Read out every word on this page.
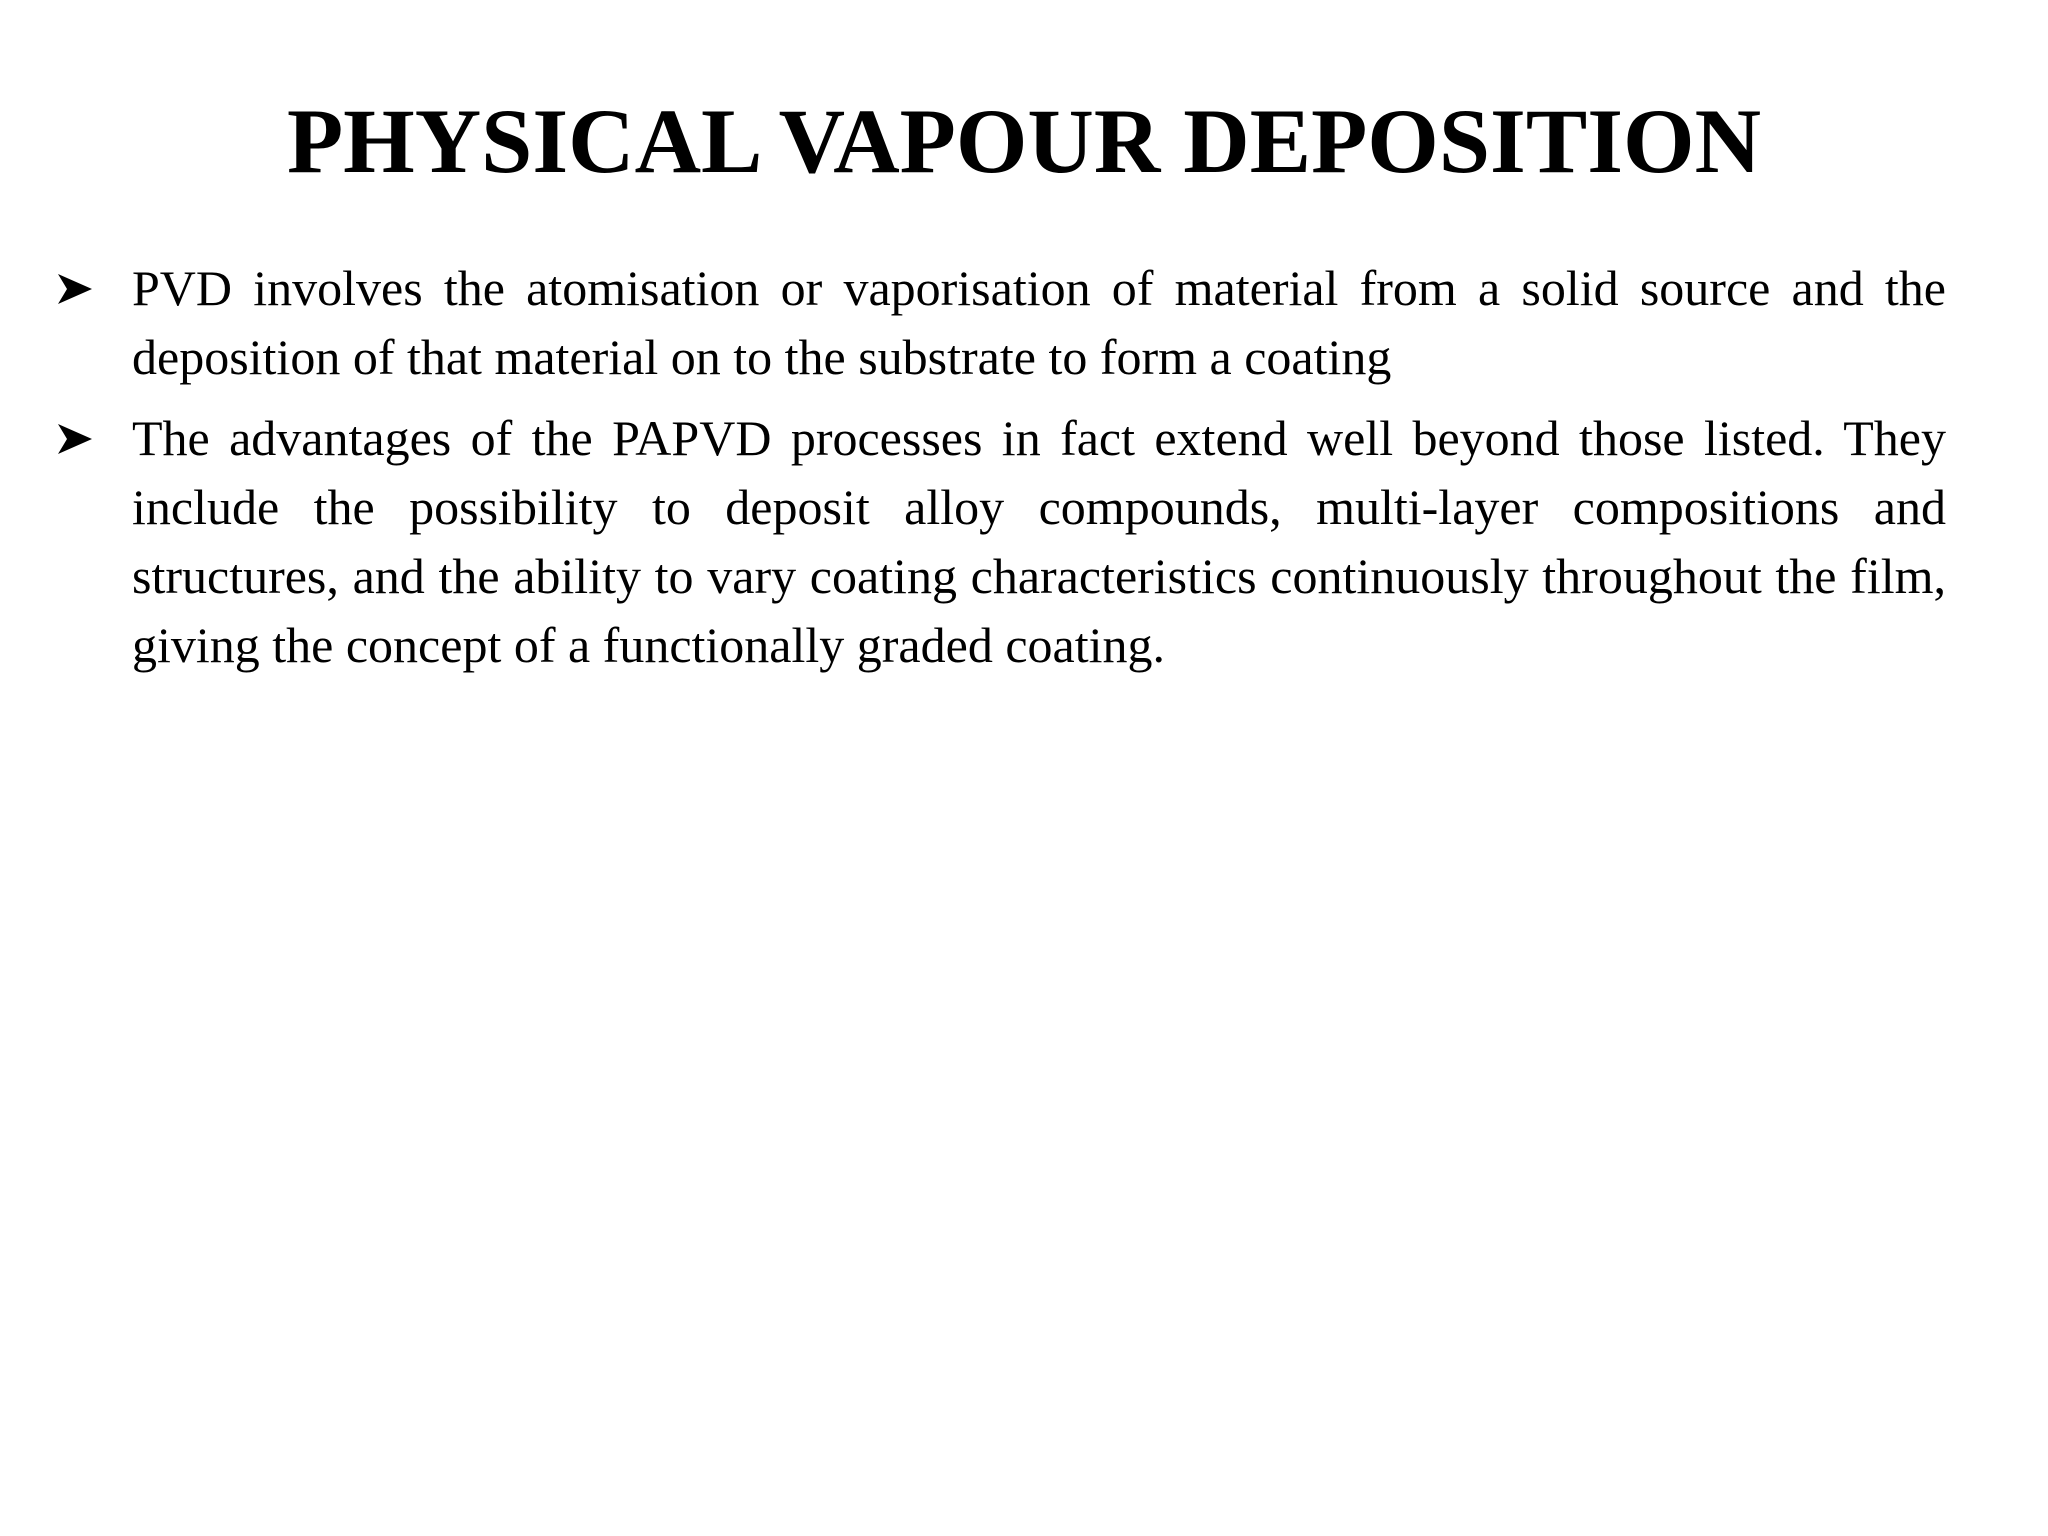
PHYSICAL VAPOUR DEPOSITION
PVD involves the atomisation or vaporisation of material from a solid source and the deposition of that material on to the substrate to form a coating
The advantages of the PAPVD processes in fact extend well beyond those listed. They include the possibility to deposit alloy compounds, multi-layer compositions and structures, and the ability to vary coating characteristics continuously throughout the film, giving the concept of a functionally graded coating.
